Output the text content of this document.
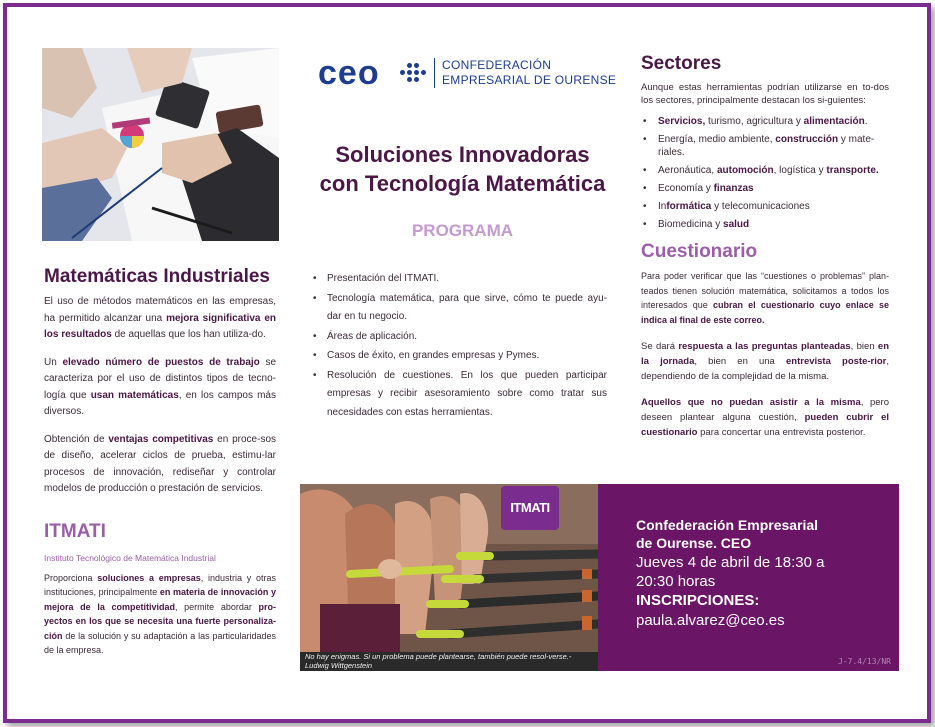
Matemáticas Industriales

El uso de métodos matemáticos en las empresas, ha permitido alcanzar una mejora significativa en los resultados de aquellas que los han utiliza-do.

Un elevado número de puestos de trabajo se caracteriza por el uso de distintos tipos de tecno-logía que usan matemáticas, en los campos más diversos.

Obtención de ventajas competitivas en proce-sos de diseño, acelerar ciclos de prueba, estimu-lar procesos de innovación, rediseñar y controlar modelos de producción o prestación de servicios.

ITMATI

Instituto Tecnológico de Matemática Industrial

Proporciona soluciones a empresas, industria y otras instituciones, principalmente en materia de innovación y mejora de la competitividad, permite abordar pro-yectos en los que se necesita una fuerte personaliza-ción de la solución y su adaptación a las particularidades de la empresa.

ceo	CONFEDERACIÓN
EMPRESARIAL DE OURENSE
Soluciones Innovadoras
con Tecnología Matemática
PROGRAMA
• Presentación del ITMATI.
• Tecnología matemática, para que sirve, cómo te puede ayu-dar en tu negocio.
• Áreas de aplicación.
• Casos de éxito, en grandes empresas y Pymes.
• Resolución de cuestiones. En los que pueden participar empresas y recibir asesoramiento sobre como tratar sus necesidades con estas herramientas.
ITMATI
No hay enigmas. Si un problema puede plantearse, también puede resol-verse.- Ludwig Wittgenstein
Sectores

Aunque estas herramientas podrían utilizarse en to-dos los sectores, principalmente destacan los si-guientes:

• Servicios, turismo, agricultura y alimentación.
• Energía, medio ambiente, construcción y mate-riales.
• Aeronáutica, automoción, logística y transporte.
• Economía y finanzas
• Informática y telecomunicaciones
• Biomedicina y salud
Cuestionario

Para poder verificar que las “cuestiones o problemas” plan-teados tienen solución matemática, solicitamos a todos los interesados que cubran el cuestionario cuyo enlace se indica al final de este correo.

Se dará respuesta a las preguntas planteadas, bien en la jornada, bien en una entrevista poste-rior, dependiendo de la complejidad de la misma.

Aquellos que no puedan asistir a la misma, pero deseen plantear alguna cuestión, pueden cubrir el cuestionario para concertar una entrevista posterior.

Confederación Empresarial
de Ourense. CEO
Jueves 4 de abril de 18:30 a
20:30 horas
INSCRIPCIONES:
paula.alvarez@ceo.es
J-7.4/13/NR
